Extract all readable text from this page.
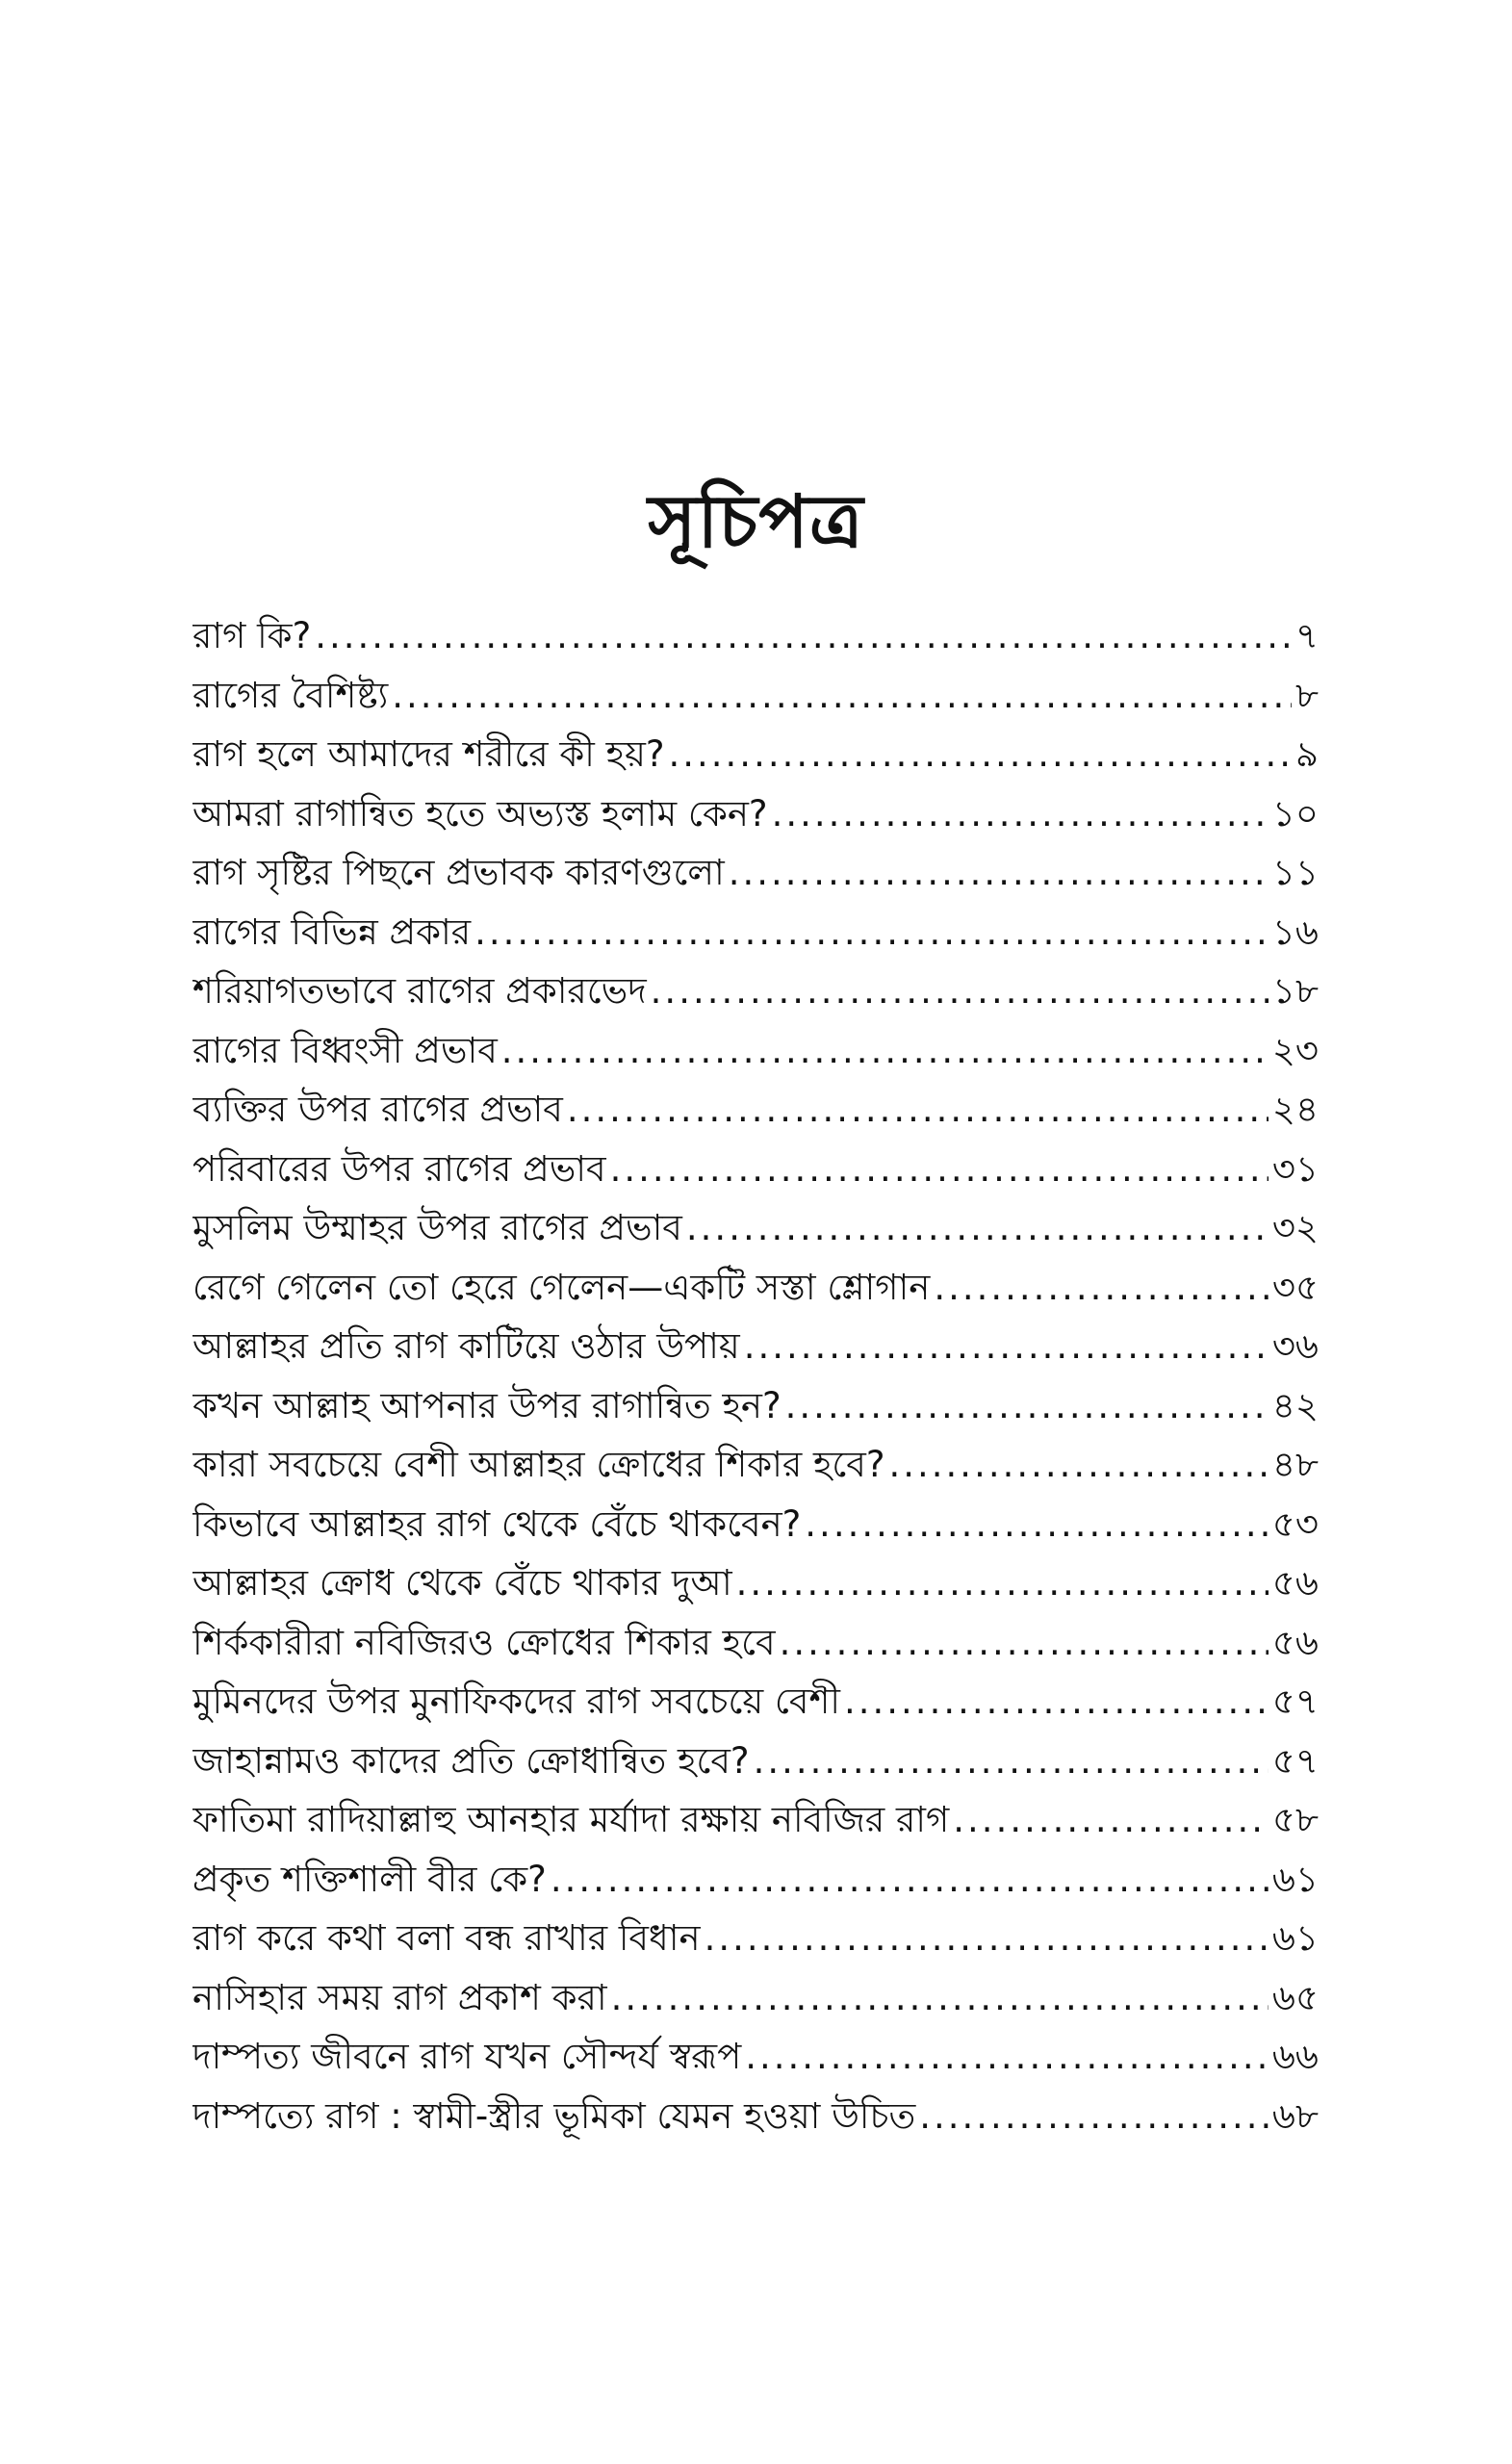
সূচিপত্র
রাগ কি? .....	৭
রাগের বৈশিষ্ট্য .....	৮
রাগ হলে আমাদের শরীরে কী হয়? .....	৯
আমরা রাগান্বিত হতে অভ্যস্ত হলাম কেন? .....	১০
রাগ সৃষ্টির পিছনে প্রভাবক কারণগুলো .....	১১
রাগের বিভিন্ন প্রকার .....	১৬
শরিয়াগতভাবে রাগের প্রকারভেদ .....	১৮
রাগের বিধ্বংসী প্রভাব .....	২৩
ব্যক্তির উপর রাগের প্রভাব .....	২৪
পরিবারের উপর রাগের প্রভাব .....	৩১
মুসলিম উম্মাহর উপর রাগের প্রভাব .....	৩২
রেগে গেলেন তো হেরে গেলেন—একটি সস্তা শ্লোগান .....	৩৫
আল্লাহর প্রতি রাগ কাটিয়ে ওঠার উপায় .....	৩৬
কখন আল্লাহ আপনার উপর রাগান্বিত হন? .....	৪২
কারা সবচেয়ে বেশী আল্লাহর ক্রোধের শিকার হবে? .....	৪৮
কিভাবে আল্লাহর রাগ থেকে বেঁচে থাকবেন? .....	৫৩
আল্লাহর ক্রোধ থেকে বেঁচে থাকার দুআ .....	৫৬
শির্ককারীরা নবিজিরও ক্রোধের শিকার হবে .....	৫৬
মুমিনদের উপর মুনাফিকদের রাগ সবচেয়ে বেশী .....	৫৭
জাহান্নামও কাদের প্রতি ক্রোধান্বিত হবে? .....	৫৭
ফাতিমা রাদিয়াল্লাহু আনহার মর্যাদা রক্ষায় নবিজির রাগ .....	৫৮
প্রকৃত শক্তিশালী বীর কে? .....	৬১
রাগ করে কথা বলা বন্ধ রাখার বিধান .....	৬১
নাসিহার সময় রাগ প্রকাশ করা .....	৬৫
দাম্পত্য জীবনে রাগ যখন সৌন্দর্য স্বরূপ .....	৬৬
দাম্পত্যে রাগ : স্বামী-স্ত্রীর ভূমিকা যেমন হওয়া উচিত .....	৬৮
